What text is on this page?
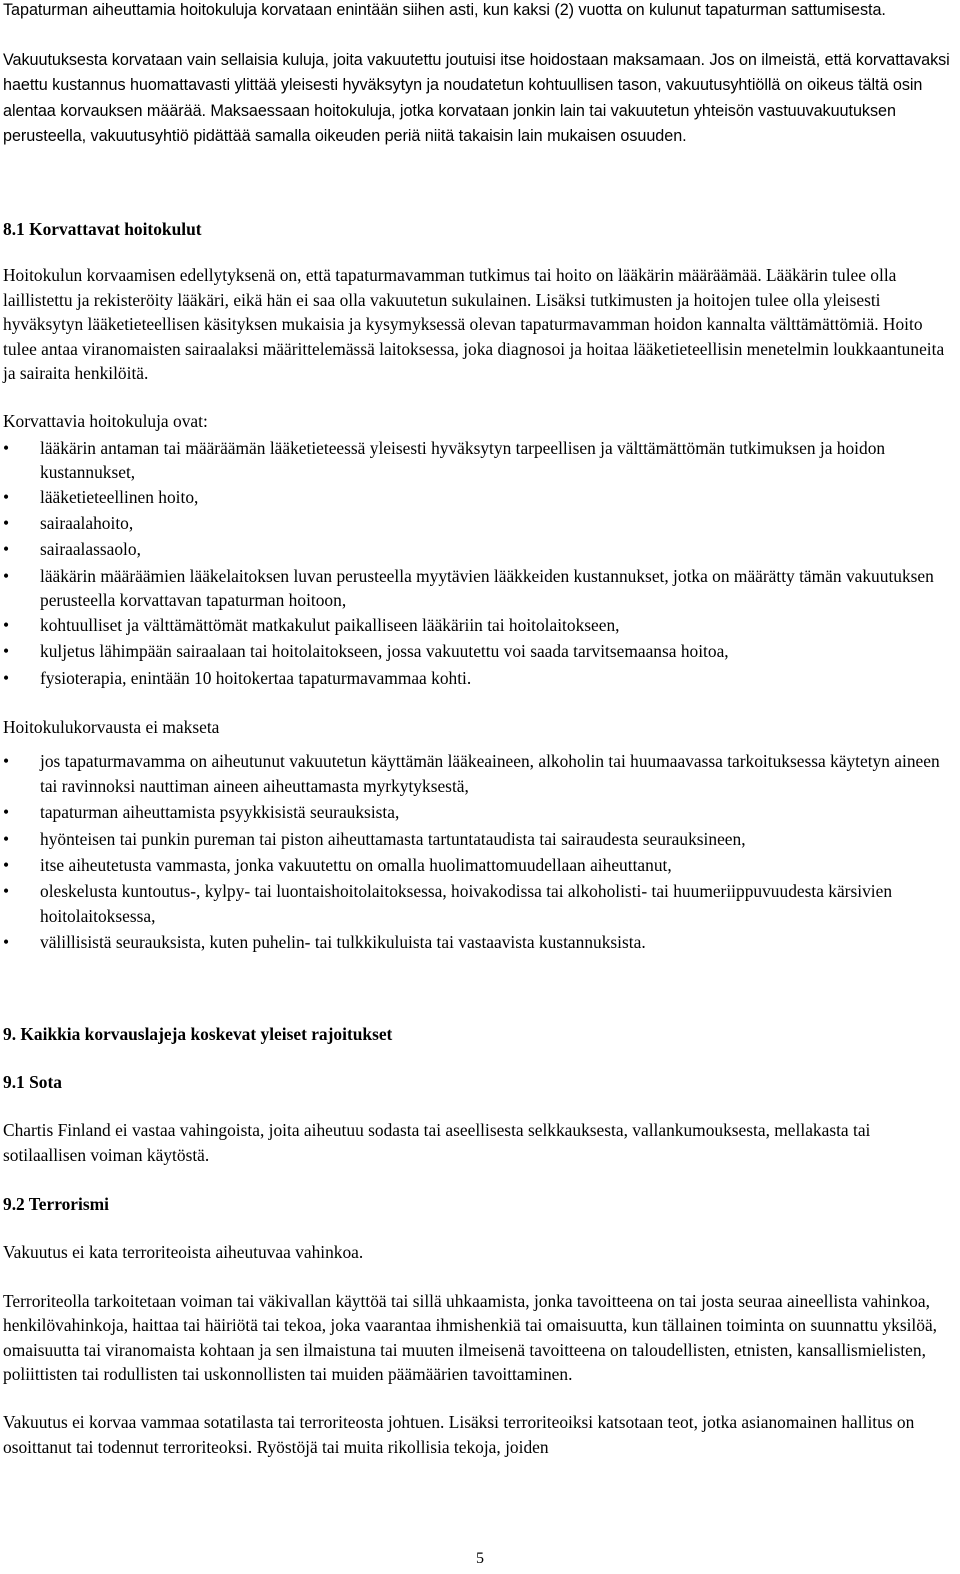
Tapaturman aiheuttamia hoitokuluja korvataan enintään siihen asti, kun kaksi (2) vuotta on kulunut tapaturman sattumisesta.

Vakuutuksesta korvataan vain sellaisia kuluja, joita vakuutettu joutuisi itse hoidostaan maksamaan. Jos on ilmeistä, että korvattavaksi haettu kustannus huomattavasti ylittää yleisesti hyväksytyn ja noudatetun kohtuullisen tason, vakuutusyhtiöllä on oikeus tältä osin alentaa korvauksen määrää. Maksaessaan hoitokuluja, jotka korvataan jonkin lain tai vakuutetun yhteisön vastuuvakuutuksen perusteella, vakuutusyhtiö pidättää samalla oikeuden periä niitä takaisin lain mukaisen osuuden.

8.1 Korvattavat hoitokulut

Hoitokulun korvaamisen edellytyksenä on, että tapaturmavamman tutkimus tai hoito on lääkärin määräämää. Lääkärin tulee olla laillistettu ja rekisteröity lääkäri, eikä hän ei saa olla vakuutetun sukulainen. Lisäksi tutkimusten ja hoitojen tulee olla yleisesti hyväksytyn lääketieteellisen käsityksen mukaisia ja kysymyksessä olevan tapaturmavamman hoidon kannalta välttämättömiä. Hoito tulee antaa viranomaisten sairaalaksi määrittelemässä laitoksessa, joka diagnosoi ja hoitaa lääketieteellisin menetelmin loukkaantuneita ja sairaita henkilöitä.

Korvattavia hoitokuluja ovat:

•	lääkärin antaman tai määräämän lääketieteessä yleisesti hyväksytyn tarpeellisen ja välttämättömän tutkimuksen ja hoidon kustannukset,
•	lääketieteellinen hoito,
•	sairaalahoito,
•	sairaalassaolo,
•	lääkärin määräämien lääkelaitoksen luvan perusteella myytävien lääkkeiden kustannukset, jotka on määrätty tämän vakuutuksen perusteella korvattavan tapaturman hoitoon,
•	kohtuulliset ja välttämättömät matkakulut paikalliseen lääkäriin tai hoitolaitokseen,
•	kuljetus lähimpään sairaalaan tai hoitolaitokseen, jossa vakuutettu voi saada tarvitsemaansa hoitoa,
•	fysioterapia, enintään 10 hoitokertaa tapaturmavammaa kohti.

Hoitokulukorvausta ei makseta

•	jos tapaturmavamma on aiheutunut vakuutetun käyttämän lääkeaineen, alkoholin tai huumaavassa tarkoituksessa käytetyn aineen tai ravinnoksi nauttiman aineen aiheuttamasta myrkytyksestä,
•	tapaturman aiheuttamista psyykkisistä seurauksista,
•	hyönteisen tai punkin pureman tai piston aiheuttamasta tartuntataudista tai sairaudesta seurauksineen,
•	itse aiheutetusta vammasta, jonka vakuutettu on omalla huolimattomuudellaan aiheuttanut,
•	oleskelusta kuntoutus-, kylpy- tai luontaishoitolaitoksessa, hoivakodissa tai alkoholisti- tai huumeriippuvuudesta kärsivien hoitolaitoksessa,
•	välillisistä seurauksista, kuten puhelin- tai tulkkikuluista tai vastaavista kustannuksista.

9. Kaikkia korvauslajeja koskevat yleiset rajoitukset

9.1 Sota

Chartis Finland ei vastaa vahingoista, joita aiheutuu sodasta tai aseellisesta selkkauksesta, vallankumouksesta, mellakasta tai sotilaallisen voiman käytöstä.

9.2 Terrorismi

Vakuutus ei kata terroriteoista aiheutuvaa vahinkoa.

Terroriteolla tarkoitetaan voiman tai väkivallan käyttöä tai sillä uhkaamista, jonka tavoitteena on tai josta seuraa aineellista vahinkoa, henkilövahinkoja, haittaa tai häiriötä tai tekoa, joka vaarantaa ihmishenkiä tai omaisuutta, kun tällainen toiminta on suunnattu yksilöä, omaisuutta tai viranomaista kohtaan ja sen ilmaistuna tai muuten ilmeisenä tavoitteena on taloudellisten, etnisten, kansallismielisten, poliittisten tai rodullisten tai uskonnollisten tai muiden päämäärien tavoittaminen.

Vakuutus ei korvaa vammaa sotatilasta tai terroriteosta johtuen. Lisäksi terroriteoiksi katsotaan teot, jotka asianomainen hallitus on osoittanut tai todennut terroriteoksi. Ryöstöjä tai muita rikollisia tekoja, joiden

5
